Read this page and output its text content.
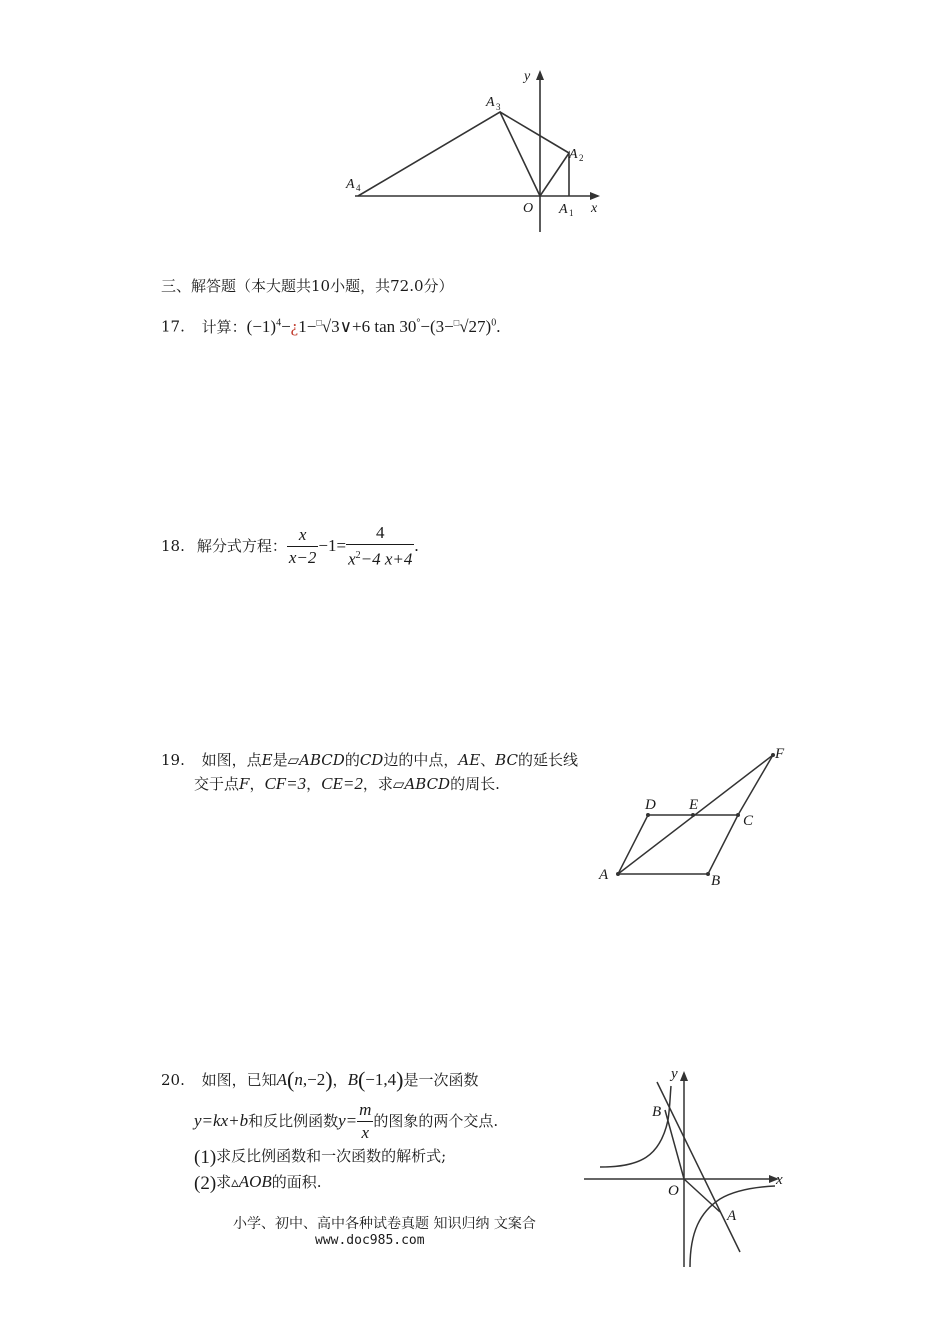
y
A 3
A 2
A 4
O A 1 x
三、解答题（本大题共10小题，共72.0分）
17. 计算：$(-1)^4-¿1-^□√3\vee+6$ $\tan 30^\circ-(3-^□√27)^0$.
18. 解分式方程： $\frac{x}{x-2} -1= \frac{4}{x^2-4 x+4}$ .
19. 如图，点E是▱ABCD的CD边的中点，AE、BC的延长线
交于点F，CF=3，CE=2，求▱ABCD的周长.
F
D E
C
A	B
20. 如图，已知A(n,−2)，B(−1,4)是一次函数
y=kx+b 和反比例函数 $y= \frac{m}{x}$ 的图象的两个交点.
(1)求反比例函数和一次函数的解析式;
(2)求▵AOB的面积.
y
B
x
O
A
小学、初中、高中各种试卷真题 知识归纳 文案合
www.doc985.com
